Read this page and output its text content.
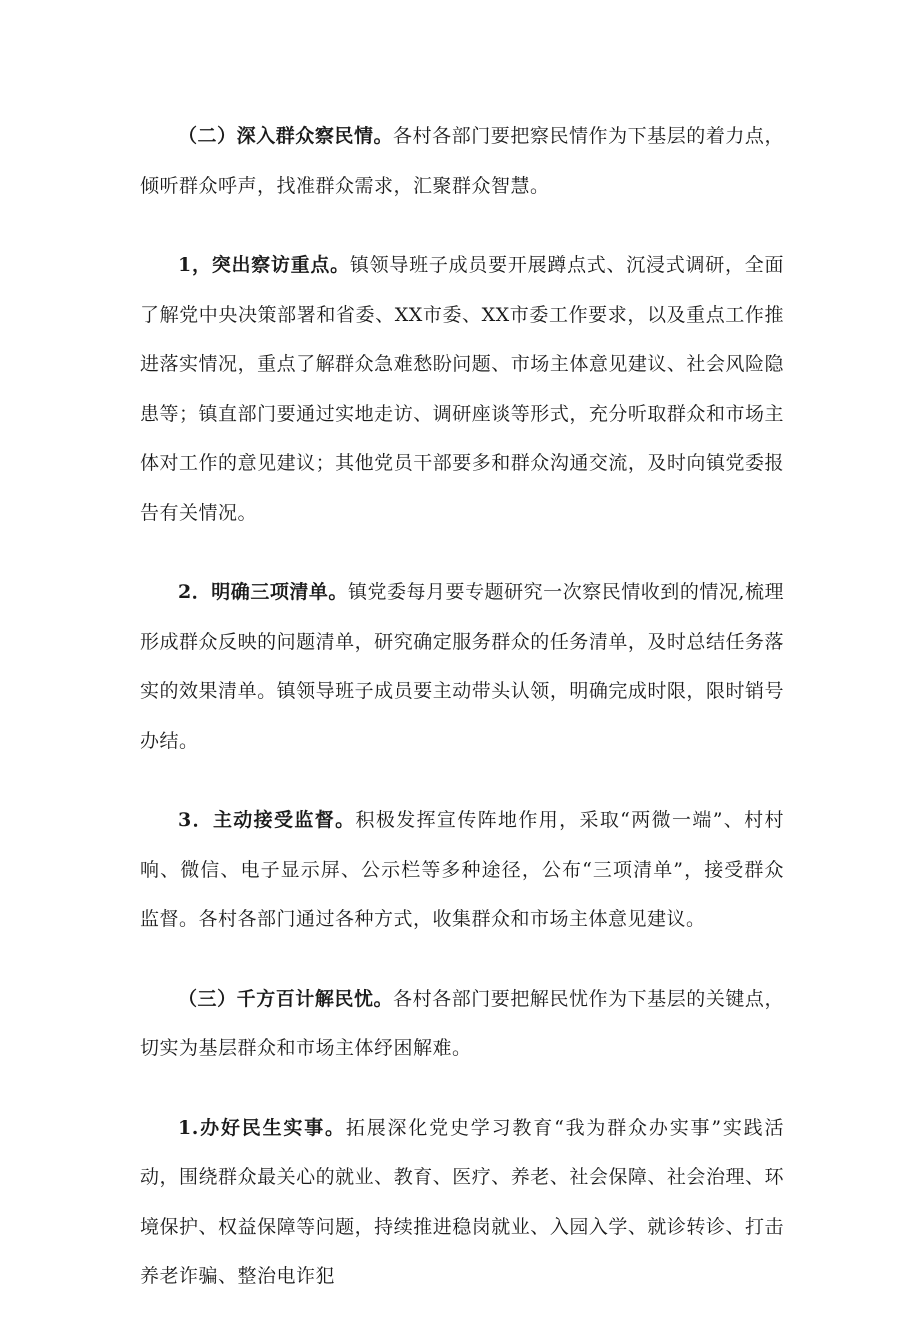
（二）深入群众察民情。各村各部门要把察民情作为下基层的着力点，倾听群众呼声，找准群众需求，汇聚群众智慧。

1，突出察访重点。镇领导班子成员要开展蹲点式、沉浸式调研，全面了解党中央决策部署和省委、XX市委、XX市委工作要求，以及重点工作推进落实情况，重点了解群众急难愁盼问题、市场主体意见建议、社会风险隐患等；镇直部门要通过实地走访、调研座谈等形式，充分听取群众和市场主体对工作的意见建议；其他党员干部要多和群众沟通交流，及时向镇党委报告有关情况。

2．明确三项清单。镇党委每月要专题研究一次察民情收到的情况,梳理形成群众反映的问题清单，研究确定服务群众的任务清单，及时总结任务落实的效果清单。镇领导班子成员要主动带头认领，明确完成时限，限时销号办结。

3．主动接受监督。积极发挥宣传阵地作用，采取“两微一端”、村村响、微信、电子显示屏、公示栏等多种途径，公布“三项清单”，接受群众监督。各村各部门通过各种方式，收集群众和市场主体意见建议。

（三）千方百计解民忧。各村各部门要把解民忧作为下基层的关键点，切实为基层群众和市场主体纾困解难。

1.办好民生实事。拓展深化党史学习教育“我为群众办实事”实践活动，围绕群众最关心的就业、教育、医疗、养老、社会保障、社会治理、环境保护、权益保障等问题，持续推进稳岗就业、入园入学、就诊转诊、打击养老诈骗、整治电诈犯
